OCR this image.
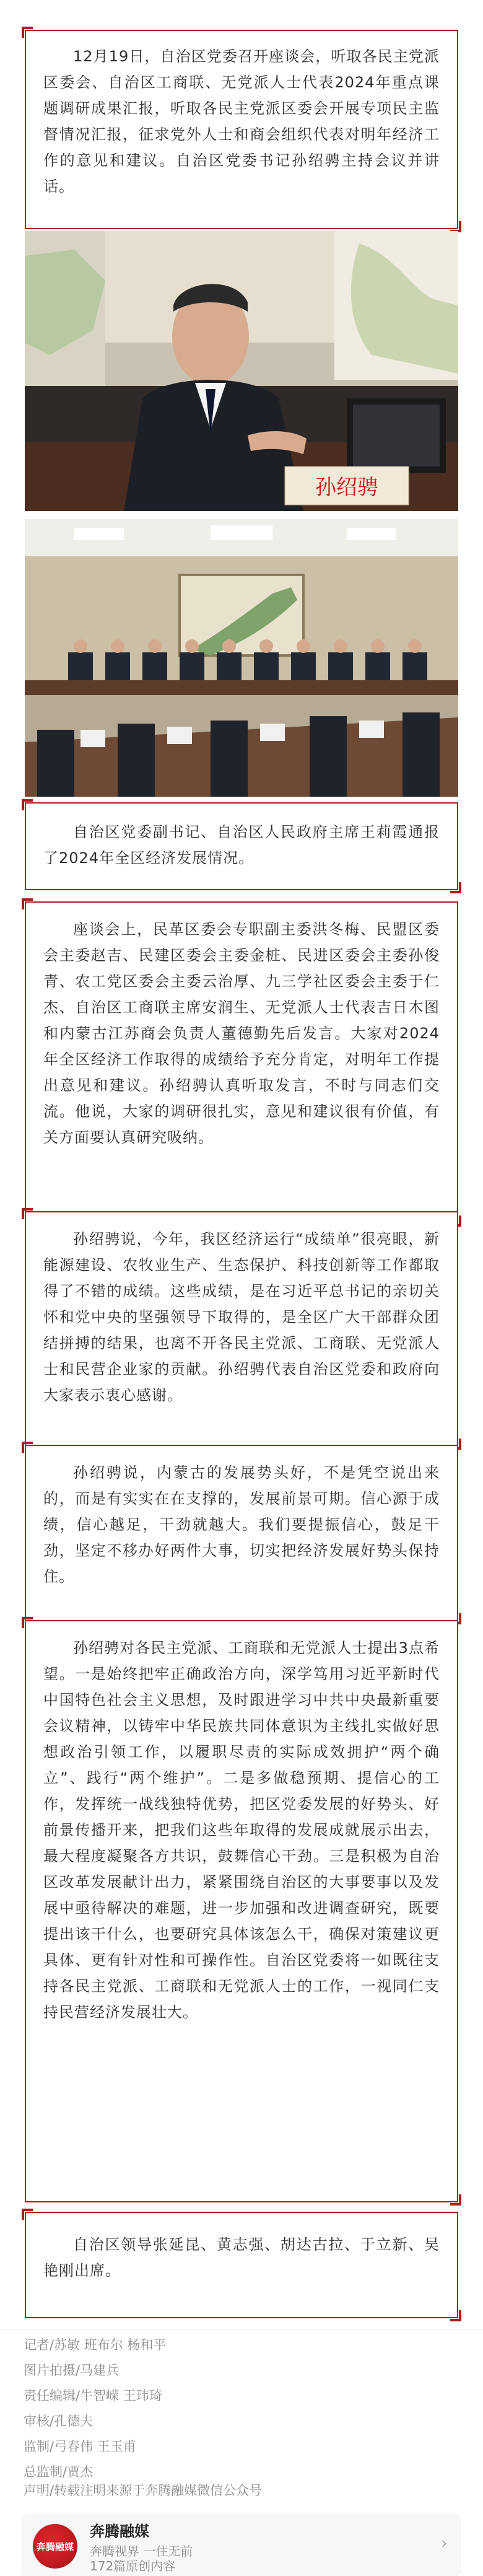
12月19日，自治区党委召开座谈会，听取各民主党派区委会、自治区工商联、无党派人士代表2024年重点课题调研成果汇报，听取各民主党派区委会开展专项民主监督情况汇报，征求党外人士和商会组织代表对明年经济工作的意见和建议。自治区党委书记孙绍骋主持会议并讲话。

孙绍骋

自治区党委副书记、自治区人民政府主席王莉霞通报了2024年全区经济发展情况。

座谈会上，民革区委会专职副主委洪冬梅、民盟区委会主委赵吉、民建区委会主委金桩、民进区委会主委孙俊青、农工党区委会主委云治厚、九三学社区委会主委于仁杰、自治区工商联主席安润生、无党派人士代表吉日木图和内蒙古江苏商会负责人董德勤先后发言。大家对2024年全区经济工作取得的成绩给予充分肯定，对明年工作提出意见和建议。孙绍骋认真听取发言，不时与同志们交流。他说，大家的调研很扎实，意见和建议很有价值，有关方面要认真研究吸纳。

孙绍骋说，今年，我区经济运行“成绩单”很亮眼，新能源建设、农牧业生产、生态保护、科技创新等工作都取得了不错的成绩。这些成绩，是在习近平总书记的亲切关怀和党中央的坚强领导下取得的，是全区广大干部群众团结拼搏的结果，也离不开各民主党派、工商联、无党派人士和民营企业家的贡献。孙绍骋代表自治区党委和政府向大家表示衷心感谢。

孙绍骋说，内蒙古的发展势头好，不是凭空说出来的，而是有实实在在支撑的，发展前景可期。信心源于成绩，信心越足，干劲就越大。我们要提振信心，鼓足干劲，坚定不移办好两件大事，切实把经济发展好势头保持住。

孙绍骋对各民主党派、工商联和无党派人士提出3点希望。一是始终把牢正确政治方向，深学笃用习近平新时代中国特色社会主义思想，及时跟进学习中共中央最新重要会议精神，以铸牢中华民族共同体意识为主线扎实做好思想政治引领工作，以履职尽责的实际成效拥护“两个确立”、践行“两个维护”。二是多做稳预期、提信心的工作，发挥统一战线独特优势，把区党委发展的好势头、好前景传播开来，把我们这些年取得的发展成就展示出去，最大程度凝聚各方共识，鼓舞信心干劲。三是积极为自治区改革发展献计出力，紧紧围绕自治区的大事要事以及发展中亟待解决的难题，进一步加强和改进调查研究，既要提出该干什么，也要研究具体该怎么干，确保对策建议更具体、更有针对性和可操作性。自治区党委将一如既往支持各民主党派、工商联和无党派人士的工作，一视同仁支持民营经济发展壮大。

自治区领导张延昆、黄志强、胡达古拉、于立新、吴艳刚出席。

记者/苏敏 班布尔 杨和平
图片拍摄/马建兵
责任编辑/牛智嵘 王玮琦
审核/孔德夫
监制/弓春伟 王玉甫
总监制/贾杰
声明/转载注明来源于奔腾融媒微信公众号
奔腾融媒
奔腾融媒
奔腾视界 一住无前
172篇原创内容
›
